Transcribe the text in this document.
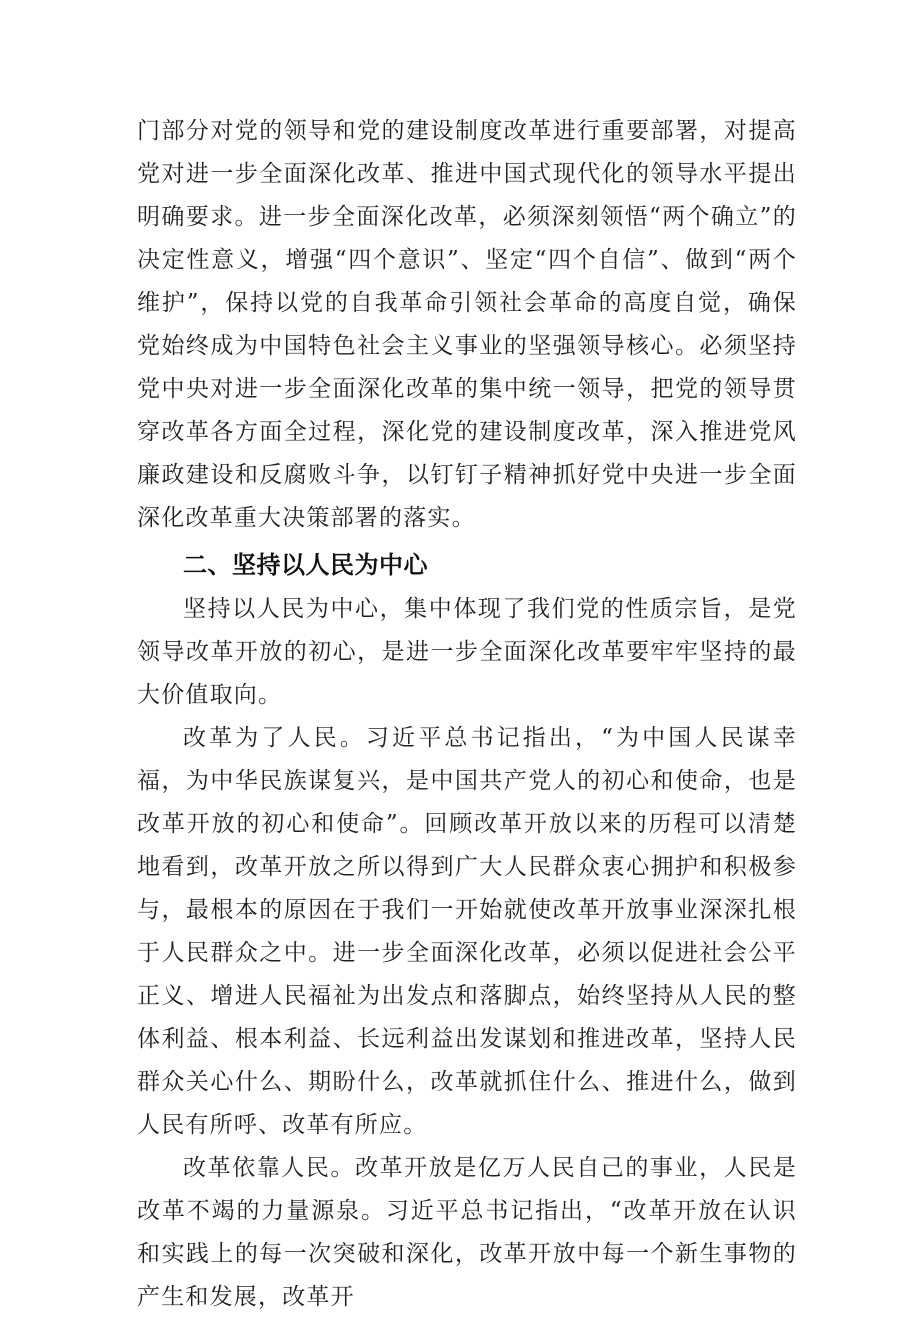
门部分对党的领导和党的建设制度改革进行重要部署，对提高党对进一步全面深化改革、推进中国式现代化的领导水平提出明确要求。进一步全面深化改革，必须深刻领悟“两个确立”的决定性意义，增强“四个意识”、坚定“四个自信”、做到“两个维护”，保持以党的自我革命引领社会革命的高度自觉，确保党始终成为中国特色社会主义事业的坚强领导核心。必须坚持党中央对进一步全面深化改革的集中统一领导，把党的领导贯穿改革各方面全过程，深化党的建设制度改革，深入推进党风廉政建设和反腐败斗争，以钉钉子精神抓好党中央进一步全面深化改革重大决策部署的落实。

二、坚持以人民为中心

坚持以人民为中心，集中体现了我们党的性质宗旨，是党领导改革开放的初心，是进一步全面深化改革要牢牢坚持的最大价值取向。

改革为了人民。习近平总书记指出，“为中国人民谋幸福，为中华民族谋复兴，是中国共产党人的初心和使命，也是改革开放的初心和使命”。回顾改革开放以来的历程可以清楚地看到，改革开放之所以得到广大人民群众衷心拥护和积极参与，最根本的原因在于我们一开始就使改革开放事业深深扎根于人民群众之中。进一步全面深化改革，必须以促进社会公平正义、增进人民福祉为出发点和落脚点，始终坚持从人民的整体利益、根本利益、长远利益出发谋划和推进改革，坚持人民群众关心什么、期盼什么，改革就抓住什么、推进什么，做到人民有所呼、改革有所应。

改革依靠人民。改革开放是亿万人民自己的事业，人民是改革不竭的力量源泉。习近平总书记指出，“改革开放在认识和实践上的每一次突破和深化，改革开放中每一个新生事物的产生和发展，改革开
